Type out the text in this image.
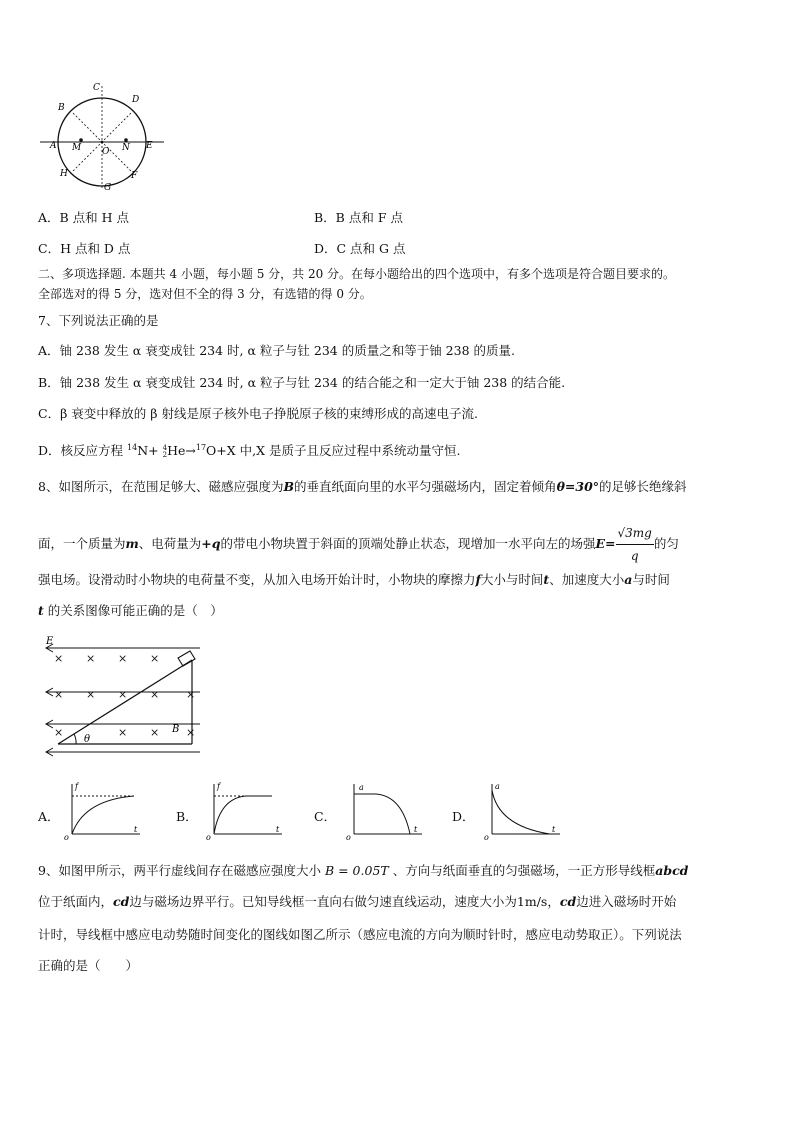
C
B
D
A M	N E
O
H	F
G
A．B 点和 H 点	B．B 点和 F 点
C．H 点和 D 点	D．C 点和 G 点
二、多项选择题. 本题共 4 小题，每小题 5 分，共 20 分。在每小题给出的四个选项中，有多个选项是符合题目要求的。
全部选对的得 5 分，选对但不全的得 3 分，有选错的得 0 分。
7、下列说法正确的是
A．铀 238 发生 α 衰变成钍 234 时, α 粒子与钍 234 的质量之和等于铀 238 的质量.
B．铀 238 发生 α 衰变成钍 234 时, α 粒子与钍 234 的结合能之和一定大于铀 238 的结合能.
C．β 衰变中释放的 β 射线是原子核外电子挣脱原子核的束缚形成的高速电子流.
D．核反应方程 $^{14}$N+ 4
2He→$^{17}$O+X 中,X 是质子且反应过程中系统动量守恒.
8、如图所示，在范围足够大、磁感应强度为B的垂直纸面向里的水平匀强磁场内，固定着倾角θ=30°的足够长绝缘斜
面，一个质量为m、电荷量为+q的带电小物块置于斜面的顶端处静止状态，现增加一水平向左的场强$E= \frac{√3mg}{q}$ 的匀
强电场。设滑动时小物块的电荷量不变，从加入电场开始计时，小物块的摩擦力f大小与时间t、加速度大小a与时间
t 的关系图像可能正确的是（　）
E
B
θ
× × × ×
× × × × ×
×	× × ×
A．
f
t
o
B．
f
t
o
C．
a
t
o
D．
a
t
o
9、如图甲所示，两平行虚线间存在磁感应强度大小 B = 0.05T 、方向与纸面垂直的匀强磁场，一正方形导线框abcd
位于纸面内，cd边与磁场边界平行。已知导线框一直向右做匀速直线运动，速度大小为1m/s，cd边进入磁场时开始
计时，导线框中感应电动势随时间变化的图线如图乙所示（感应电流的方向为顺时针时，感应电动势取正）。下列说法
正确的是（　　）
